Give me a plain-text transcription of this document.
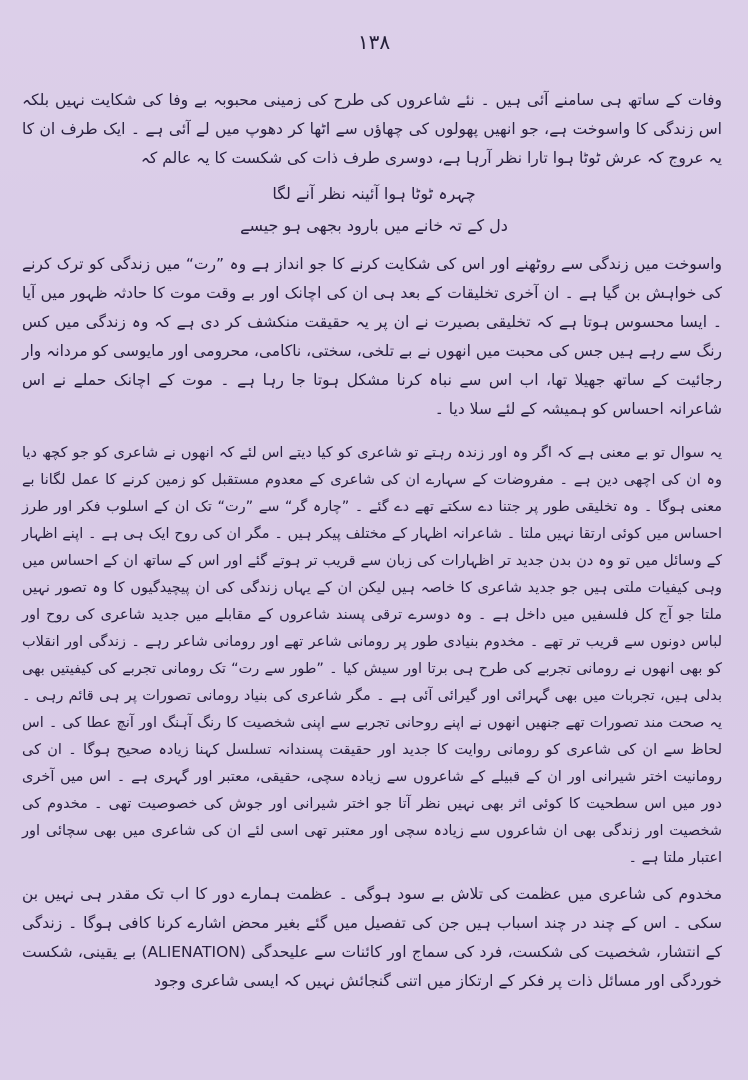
۱۳۸
وفات کے ساتھ ہی سامنے آئی ہیں ۔ نئے شاعروں کی طرح کی زمینی محبوبہ بے وفا کی شکایت نہیں بلکہ اس زندگی کا واسوخت ہے، جو انھیں پھولوں کی چھاؤں سے اٹھا کر دھوپ میں لے آئی ہے ۔ ایک طرف ان کا یہ عروج کہ عرش ٹوٹا ہوا تارا نظر آرہا ہے، دوسری طرف ذات کی شکست کا یہ عالم کہ
چہرہ ٹوٹا ہوا آئینہ نظر آنے لگا
دل کے تہ خانے میں بارود بجھی ہو جیسے
واسوخت میں زندگی سے روٹھنے اور اس کی شکایت کرنے کا جو انداز ہے وہ ”رت“ میں زندگی کو ترک کرنے کی خواہش بن گیا ہے ۔ ان آخری تخلیقات کے بعد ہی ان کی اچانک اور بے وقت موت کا حادثہ ظہور میں آیا ۔ ایسا محسوس ہوتا ہے کہ تخلیقی بصیرت نے ان پر یہ حقیقت منکشف کر دی ہے کہ وہ زندگی میں کس رنگ سے رہے ہیں جس کی محبت میں انھوں نے بے تلخی، سختی، ناکامی، محرومی اور مایوسی کو مردانہ وار رجائیت کے ساتھ جھیلا تھا، اب اس سے نباہ کرنا مشکل ہوتا جا رہا ہے ۔ موت کے اچانک حملے نے اس شاعرانہ احساس کو ہمیشہ کے لئے سلا دیا ۔
یہ سوال تو بے معنی ہے کہ اگر وہ اور زندہ رہتے تو شاعری کو کیا دیتے اس لئے کہ انھوں نے شاعری کو جو کچھ دیا وہ ان کی اچھی دین ہے ۔ مفروضات کے سہارے ان کی شاعری کے معدوم مستقبل کو زمین کرنے کا عمل لگانا بے معنی ہوگا ۔ وہ تخلیقی طور پر جتنا دے سکتے تھے دے گئے ۔ ”چارہ گر“ سے ”رت“ تک ان کے اسلوب فکر اور طرز احساس میں کوئی ارتقا نہیں ملتا ۔ شاعرانہ اظہار کے مختلف پیکر ہیں ۔ مگر ان کی روح ایک ہی ہے ۔ اپنے اظہار کے وسائل میں تو وہ دن بدن جدید تر اظہارات کی زبان سے قریب تر ہوتے گئے اور اس کے ساتھ ان کے احساس میں وہی کیفیات ملتی ہیں جو جدید شاعری کا خاصہ ہیں لیکن ان کے یہاں زندگی کی ان پیچیدگیوں کا وہ تصور نہیں ملتا جو آج کل فلسفیں میں داخل ہے ۔ وہ دوسرے ترقی پسند شاعروں کے مقابلے میں جدید شاعری کی روح اور لباس دونوں سے قریب تر تھے ۔ مخدوم بنیادی طور پر رومانی شاعر تھے اور رومانی شاعر رہے ۔ زندگی اور انقلاب کو بھی انھوں نے رومانی تجربے کی طرح ہی برتا اور سیش کیا ۔ ”طور سے رت“ تک رومانی تجربے کی کیفیتیں بھی بدلی ہیں، تجربات میں بھی گہرائی اور گیرائی آئی ہے ۔ مگر شاعری کی بنیاد رومانی تصورات پر ہی قائم رہی ۔ یہ صحت مند تصورات تھے جنھیں انھوں نے اپنے روحانی تجربے سے اپنی شخصیت کا رنگ آہنگ اور آنچ عطا کی ۔ اس لحاظ سے ان کی شاعری کو رومانی روایت کا جدید اور حقیقت پسندانہ تسلسل کہنا زیادہ صحیح ہوگا ۔ ان کی رومانیت اختر شیرانی اور ان کے قبیلے کے شاعروں سے زیادہ سچی، حقیقی، معتبر اور گہری ہے ۔ اس میں آخری دور میں اس سطحیت کا کوئی اثر بھی نہیں نظر آتا جو اختر شیرانی اور جوش کی خصوصیت تھی ۔ مخدوم کی شخصیت اور زندگی بھی ان شاعروں سے زیادہ سچی اور معتبر تھی اسی لئے ان کی شاعری میں بھی سچائی اور اعتبار ملتا ہے ۔
مخدوم کی شاعری میں عظمت کی تلاش بے سود ہوگی ۔ عظمت ہمارے دور کا اب تک مقدر ہی نہیں بن سکی ۔ اس کے چند در چند اسباب ہیں جن کی تفصیل میں گئے بغیر محض اشارے کرنا کافی ہوگا ۔ زندگی کے انتشار، شخصیت کی شکست، فرد کی سماج اور کائنات سے علیحدگی (ALIENATION) بے یقینی، شکست خوردگی اور مسائل ذات پر فکر کے ارتکاز میں اتنی گنجائش نہیں کہ ایسی شاعری وجود
